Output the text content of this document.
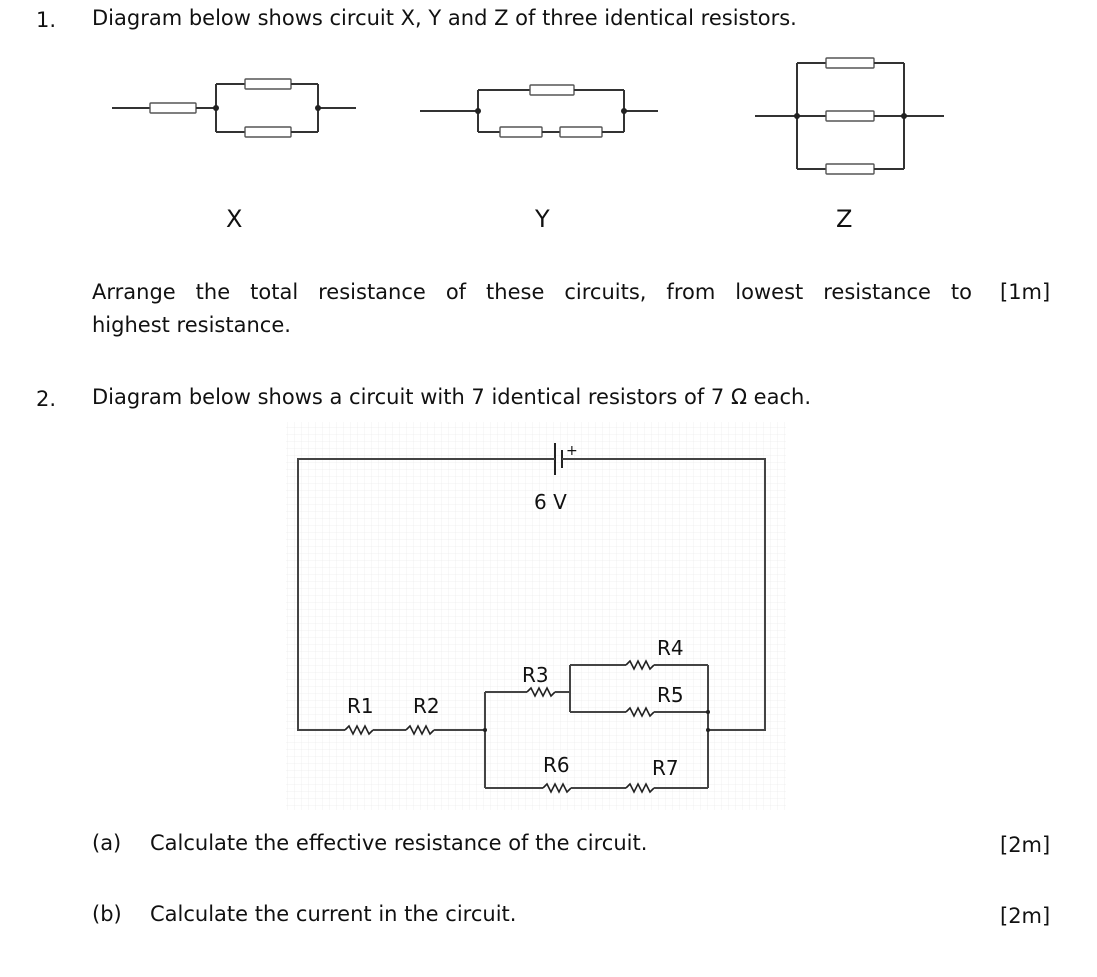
1. Diagram below shows circuit X, Y and Z of three identical resistors.
X	Y	Z
Arrange the total resistance of these circuits, from lowest resistance to [1m]
highest resistance.
2. Diagram below shows a circuit with 7 identical resistors of 7 Ω each.
+
6 V
R1 R2
R3
R4
R5
R6	R7
(a) Calculate the effective resistance of the circuit.	[2m]
(b) Calculate the current in the circuit.	[2m]
